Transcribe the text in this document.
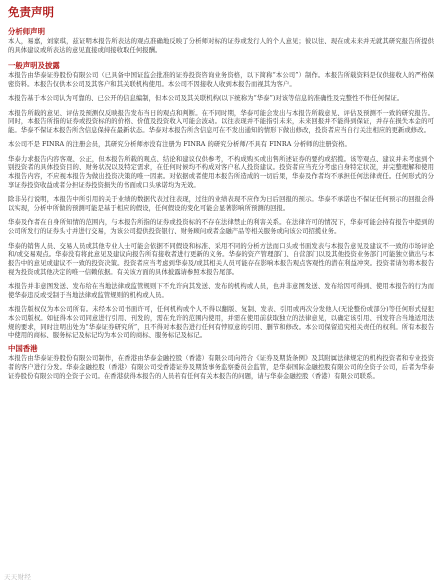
免责声明
分析师声明
本人，易嘉，刘家琪，兹证明本报告所表达的观点准确地反映了分析师对标的证券或发行人的个人意见；彼以往、现在或未来并无就其研究报告所提供的具体建议或所表达的意见直接或间接收取任何报酬。
一般声明及披露
本报告由华泰证券股份有限公司（已具备中国证监会批准的证券投资咨询业务资格，以下简称“本公司”）制作。本报告所载资料是仅供接收人的严格保密资料。本报告仅供本公司及其客户和其关联机构使用。本公司不因接收人收到本报告而视其为客户。
本报告基于本公司认为可靠的、已公开的信息编制，但本公司及其关联机构(以下统称为“华泰”)对该等信息的准确性及完整性不作任何保证。
本报告所载的意见、评估及预测仅反映报告发布当日的观点和判断。在不同时期，华泰可能会发出与本报告所载意见、评估及预测不一致的研究报告。同时，本报告所指的证券或投资标的的价格、价值及投资收入可能会波动。以往表现并不能指引未来，未来回报并不能得到保证，并存在损失本金的可能。华泰不保证本报告所含信息保持在最新状态。华泰对本报告所含信息可在不发出通知的情形下做出修改，投资者应当自行关注相应的更新或修改。
本公司不是 FINRA 的注册会员，其研究分析师亦没有注册为 FINRA 的研究分析师/不具有 FINRA 分析师的注册资格。
华泰力求报告内容客观、公正，但本报告所载的观点、结论和建议仅供参考，不构成购买或出售所述证券的要约或招揽。该等观点、建议并未考虑到个别投资者的具体投资目的、财务状况以及特定需求，在任何时候均不构成对客户私人投资建议。投资者应当充分考虑自身特定状况，并完整理解和使用本报告内容，不应视本报告为做出投资决策的唯一因素。对依据或者使用本报告所造成的一切后果，华泰及作者均不承担任何法律责任。任何形式的分享证券投资收益或者分担证券投资损失的书面或口头承诺均为无效。
除非另行说明，本报告中所引用的关于业绩的数据代表过往表现，过往的业绩表现不应作为日后回报的预示。华泰不承诺也不保证任何预示的回报会得以实现，分析中所做的预测可能是基于相应的假设，任何假设的变化可能会显著影响所预测的回报。
华泰及作者在自身所知情的范围内，与本报告所指的证券或投资标的不存在法律禁止的利害关系。在法律许可的情况下，华泰可能会持有报告中提到的公司所发行的证券头寸并进行交易，为该公司提供投资银行、财务顾问或者金融产品等相关服务或向该公司招揽业务。
华泰的销售人员、交易人员或其他专业人士可能会依据不同假设和标准、采用不同的分析方法而口头或书面发表与本报告意见及建议不一致的市场评论和/或交易观点。华泰没有将此意见及建议向报告所有接收者进行更新的义务。华泰的资产管理部门、自营部门以及其他投资业务部门可能独立做出与本报告中的意见或建议不一致的投资决策。投资者应当考虑到华泰及/或其相关人员可能存在影响本报告观点客观性的潜在利益冲突。投资者请勿将本报告视为投资或其他决定的唯一信赖依据。有关该方面的具体披露请参照本报告尾部。
本报告并非意图发送、发布给在当地法律或监管规则下不允许向其发送、发布的机构或人员，也并非意图发送、发布给因可得到、使用本报告的行为而使华泰违反或受制于当地法律或监管规则的机构或人员。
本报告版权仅为本公司所有。未经本公司书面许可，任何机构或个人不得以翻版、复制、发表、引用或再次分发他人(无论整份或部分)等任何形式侵犯本公司版权。如征得本公司同意进行引用、刊发的，需在允许的范围内使用，并需在使用前获取独立的法律意见，以确定该引用、刊发符合当地适用法规的要求，同时注明出处为“华泰证券研究所”，且不得对本报告进行任何有悖原意的引用、删节和修改。本公司保留追究相关责任的权利。所有本报告中使用的商标、服务标记及标记均为本公司的商标、服务标记及标记。
中国香港
本报告由华泰证券股份有限公司制作，在香港由华泰金融控股（香港）有限公司向符合《证券及期货条例》及其附属法律规定的机构投资者和专业投资者的客户进行分发。华泰金融控股（香港）有限公司受香港证券及期货事务监察委员会监管，是华泰国际金融控股有限公司的全资子公司，后者为华泰证券股份有限公司的全资子公司。在香港获得本报告的人员若有任何有关本报告的问题，请与华泰金融控股（香港）有限公司联系。
天天财经
